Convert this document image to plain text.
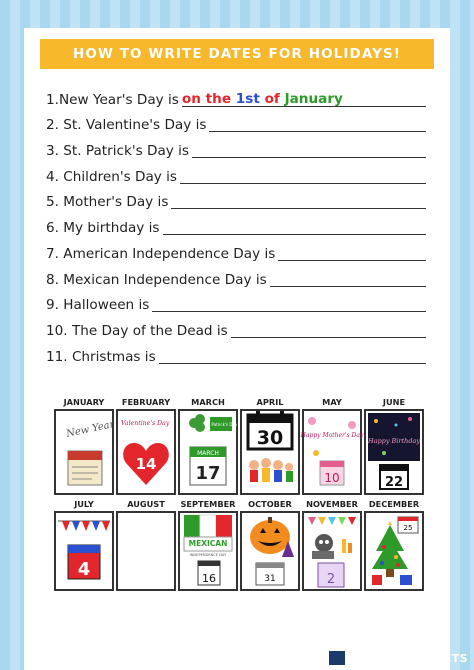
HOW TO WRITE DATES FOR HOLIDAYS!
1.New Year's Day is on the 1st of January
2. St. Valentine's Day is
3. St. Patrick's Day is
4. Children's Day is
5. Mother's Day is
6. My birthday is
7. American Independence Day is
8. Mexican Independence Day is
9. Halloween is
10. The Day of the Dead is
11. Christmas is
JANUARY
New Year
FEBRUARY
Valentine's Day
14
MARCH
St. Patrick's Day
MARCH
17
APRIL
30
MAY
Happy Mother's Day
10
JUNE
Happy Birthday
22
JULY
4
AUGUST SEPTEMBER
MEXICAN
INDEPENDENCE DAY
16
OCTOBER
31
NOVEMBER
2
DECEMBER
25
LIVEWORKSHEETS
